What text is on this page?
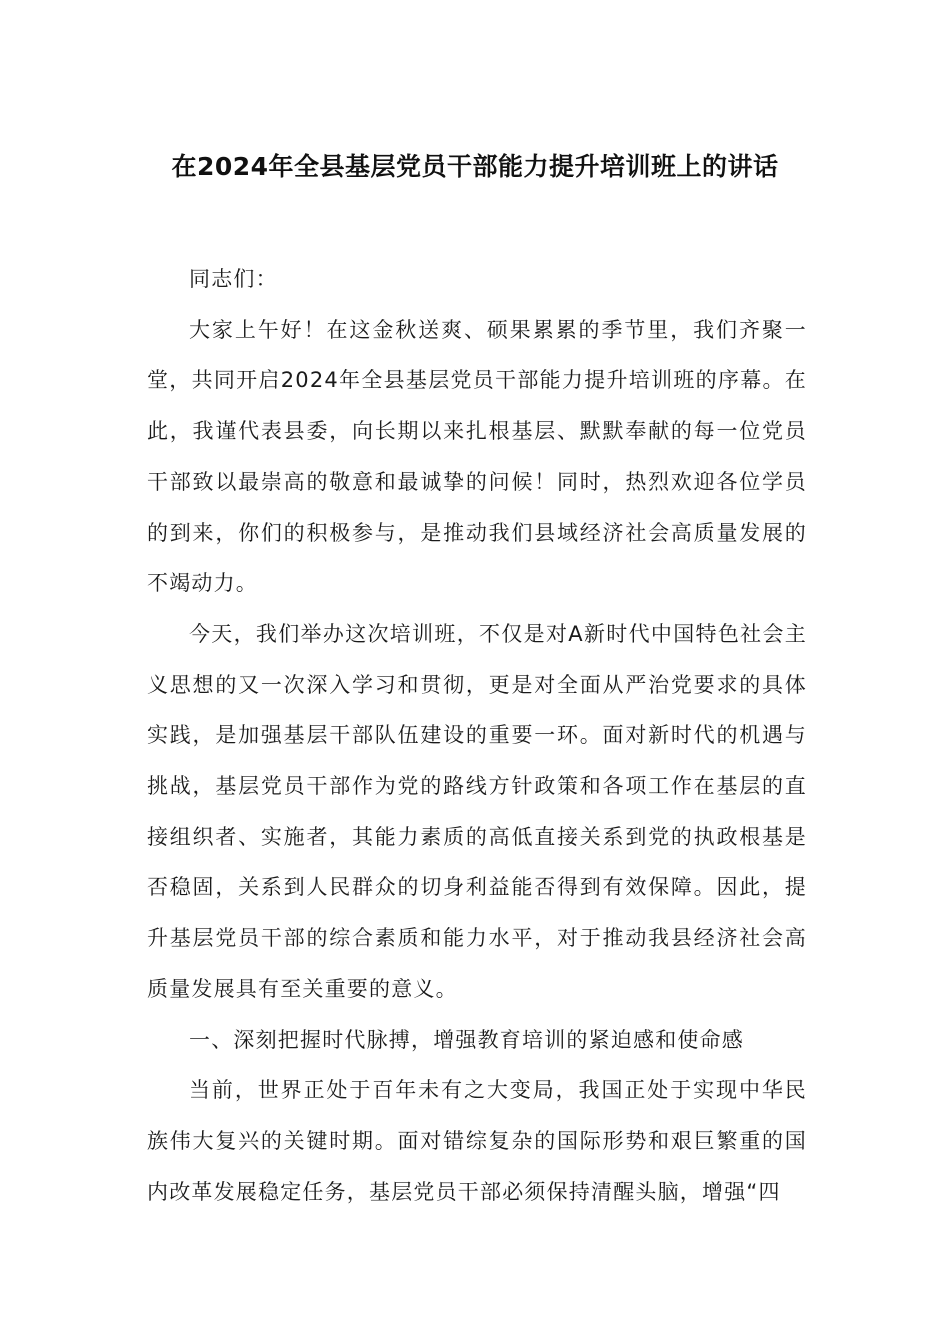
在2024年全县基层党员干部能力提升培训班上的讲话

同志们：

大家上午好！在这金秋送爽、硕果累累的季节里，我们齐聚一堂，共同开启2024年全县基层党员干部能力提升培训班的序幕。在此，我谨代表县委，向长期以来扎根基层、默默奉献的每一位党员干部致以最崇高的敬意和最诚挚的问候！同时，热烈欢迎各位学员的到来，你们的积极参与，是推动我们县域经济社会高质量发展的不竭动力。

今天，我们举办这次培训班，不仅是对A新时代中国特色社会主义思想的又一次深入学习和贯彻，更是对全面从严治党要求的具体实践，是加强基层干部队伍建设的重要一环。面对新时代的机遇与挑战，基层党员干部作为党的路线方针政策和各项工作在基层的直接组织者、实施者，其能力素质的高低直接关系到党的执政根基是否稳固，关系到人民群众的切身利益能否得到有效保障。因此，提升基层党员干部的综合素质和能力水平，对于推动我县经济社会高质量发展具有至关重要的意义。

一、深刻把握时代脉搏，增强教育培训的紧迫感和使命感

当前，世界正处于百年未有之大变局，我国正处于实现中华民族伟大复兴的关键时期。面对错综复杂的国际形势和艰巨繁重的国内改革发展稳定任务，基层党员干部必须保持清醒头脑，增强“四
